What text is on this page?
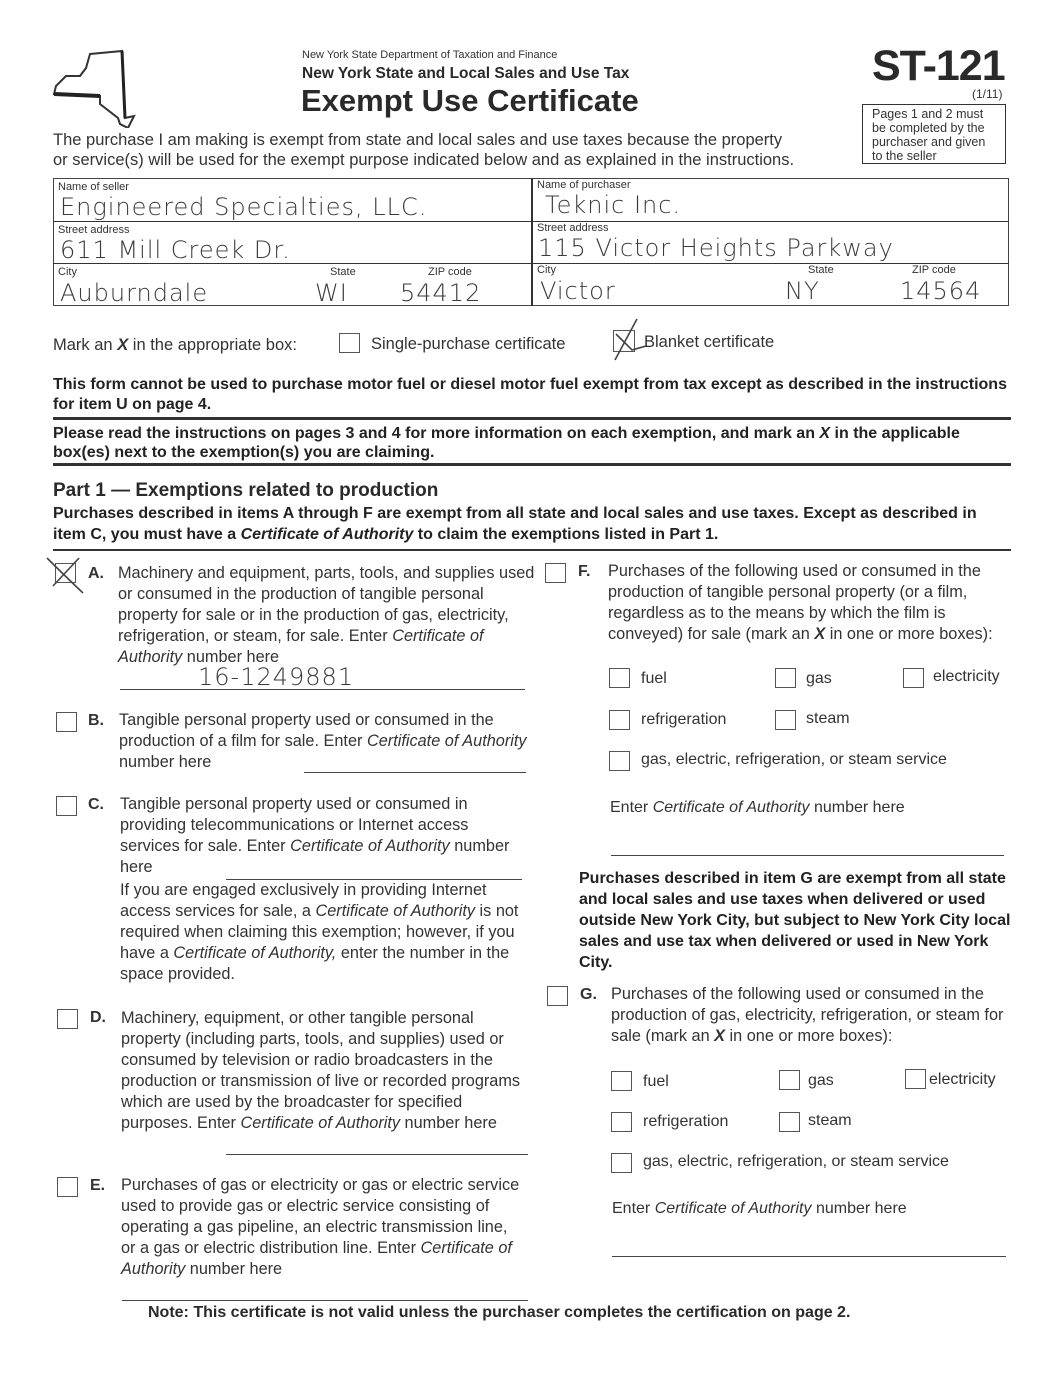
New York State Department of Taxation and Finance
New York State and Local Sales and Use Tax
Exempt Use Certificate
ST-121
(1/11)
Pages 1 and 2 must
be completed by the
purchaser and given
to the seller
The purchase I am making is exempt from state and local sales and use taxes because the property
or service(s) will be used for the exempt purpose indicated below and as explained in the instructions.
Name of seller
Engineered Specialties, LLC.
Street address
611 Mill Creek Dr.
City
Auburndale
State
WI
ZIP code
54412
Name of purchaser
Teknic Inc.
Street address
115 Victor Heights Parkway
City
Victor
State
NY
ZIP code
14564
Mark an X in the appropriate box:	Single-purchase certificate	Blanket certificate
This form cannot be used to purchase motor fuel or diesel motor fuel exempt from tax except as described in the instructions for item U on page 4.
Please read the instructions on pages 3 and 4 for more information on each exemption, and mark an X in the applicable box(es) next to the exemption(s) you are claiming.
Part 1 — Exemptions related to production
Purchases described in items A through F are exempt from all state and local sales and use taxes. Except as described in item C, you must have a Certificate of Authority to claim the exemptions listed in Part 1.
A. Machinery and equipment, parts, tools, and supplies used or consumed in the production of tangible personal property for sale or in the production of gas, electricity, refrigeration, or steam, for sale. Enter Certificate of Authority number here
16-1249881
B. Tangible personal property used or consumed in the production of a film for sale. Enter Certificate of Authority number here
C. Tangible personal property used or consumed in providing telecommunications or Internet access services for sale. Enter Certificate of Authority number here
If you are engaged exclusively in providing Internet access services for sale, a Certificate of Authority is not required when claiming this exemption; however, if you have a Certificate of Authority, enter the number in the space provided.
D. Machinery, equipment, or other tangible personal property (including parts, tools, and supplies) used or consumed by television or radio broadcasters in the production or transmission of live or recorded programs which are used by the broadcaster for specified purposes. Enter Certificate of Authority number here
E. Purchases of gas or electricity or gas or electric service used to provide gas or electric service consisting of operating a gas pipeline, an electric transmission line, or a gas or electric distribution line. Enter Certificate of Authority number here
F. Purchases of the following used or consumed in the production of tangible personal property (or a film, regardless as to the means by which the film is conveyed) for sale (mark an X in one or more boxes):
fuel	gas	electricity
refrigeration	steam
gas, electric, refrigeration, or steam service
Enter Certificate of Authority number here
Purchases described in item G are exempt from all state and local sales and use taxes when delivered or used outside New York City, but subject to New York City local sales and use tax when delivered or used in New York City.
G. Purchases of the following used or consumed in the production of gas, electricity, refrigeration, or steam for sale (mark an X in one or more boxes):
fuel	gas	electricity
refrigeration	steam
gas, electric, refrigeration, or steam service
Enter Certificate of Authority number here
Note: This certificate is not valid unless the purchaser completes the certification on page 2.
